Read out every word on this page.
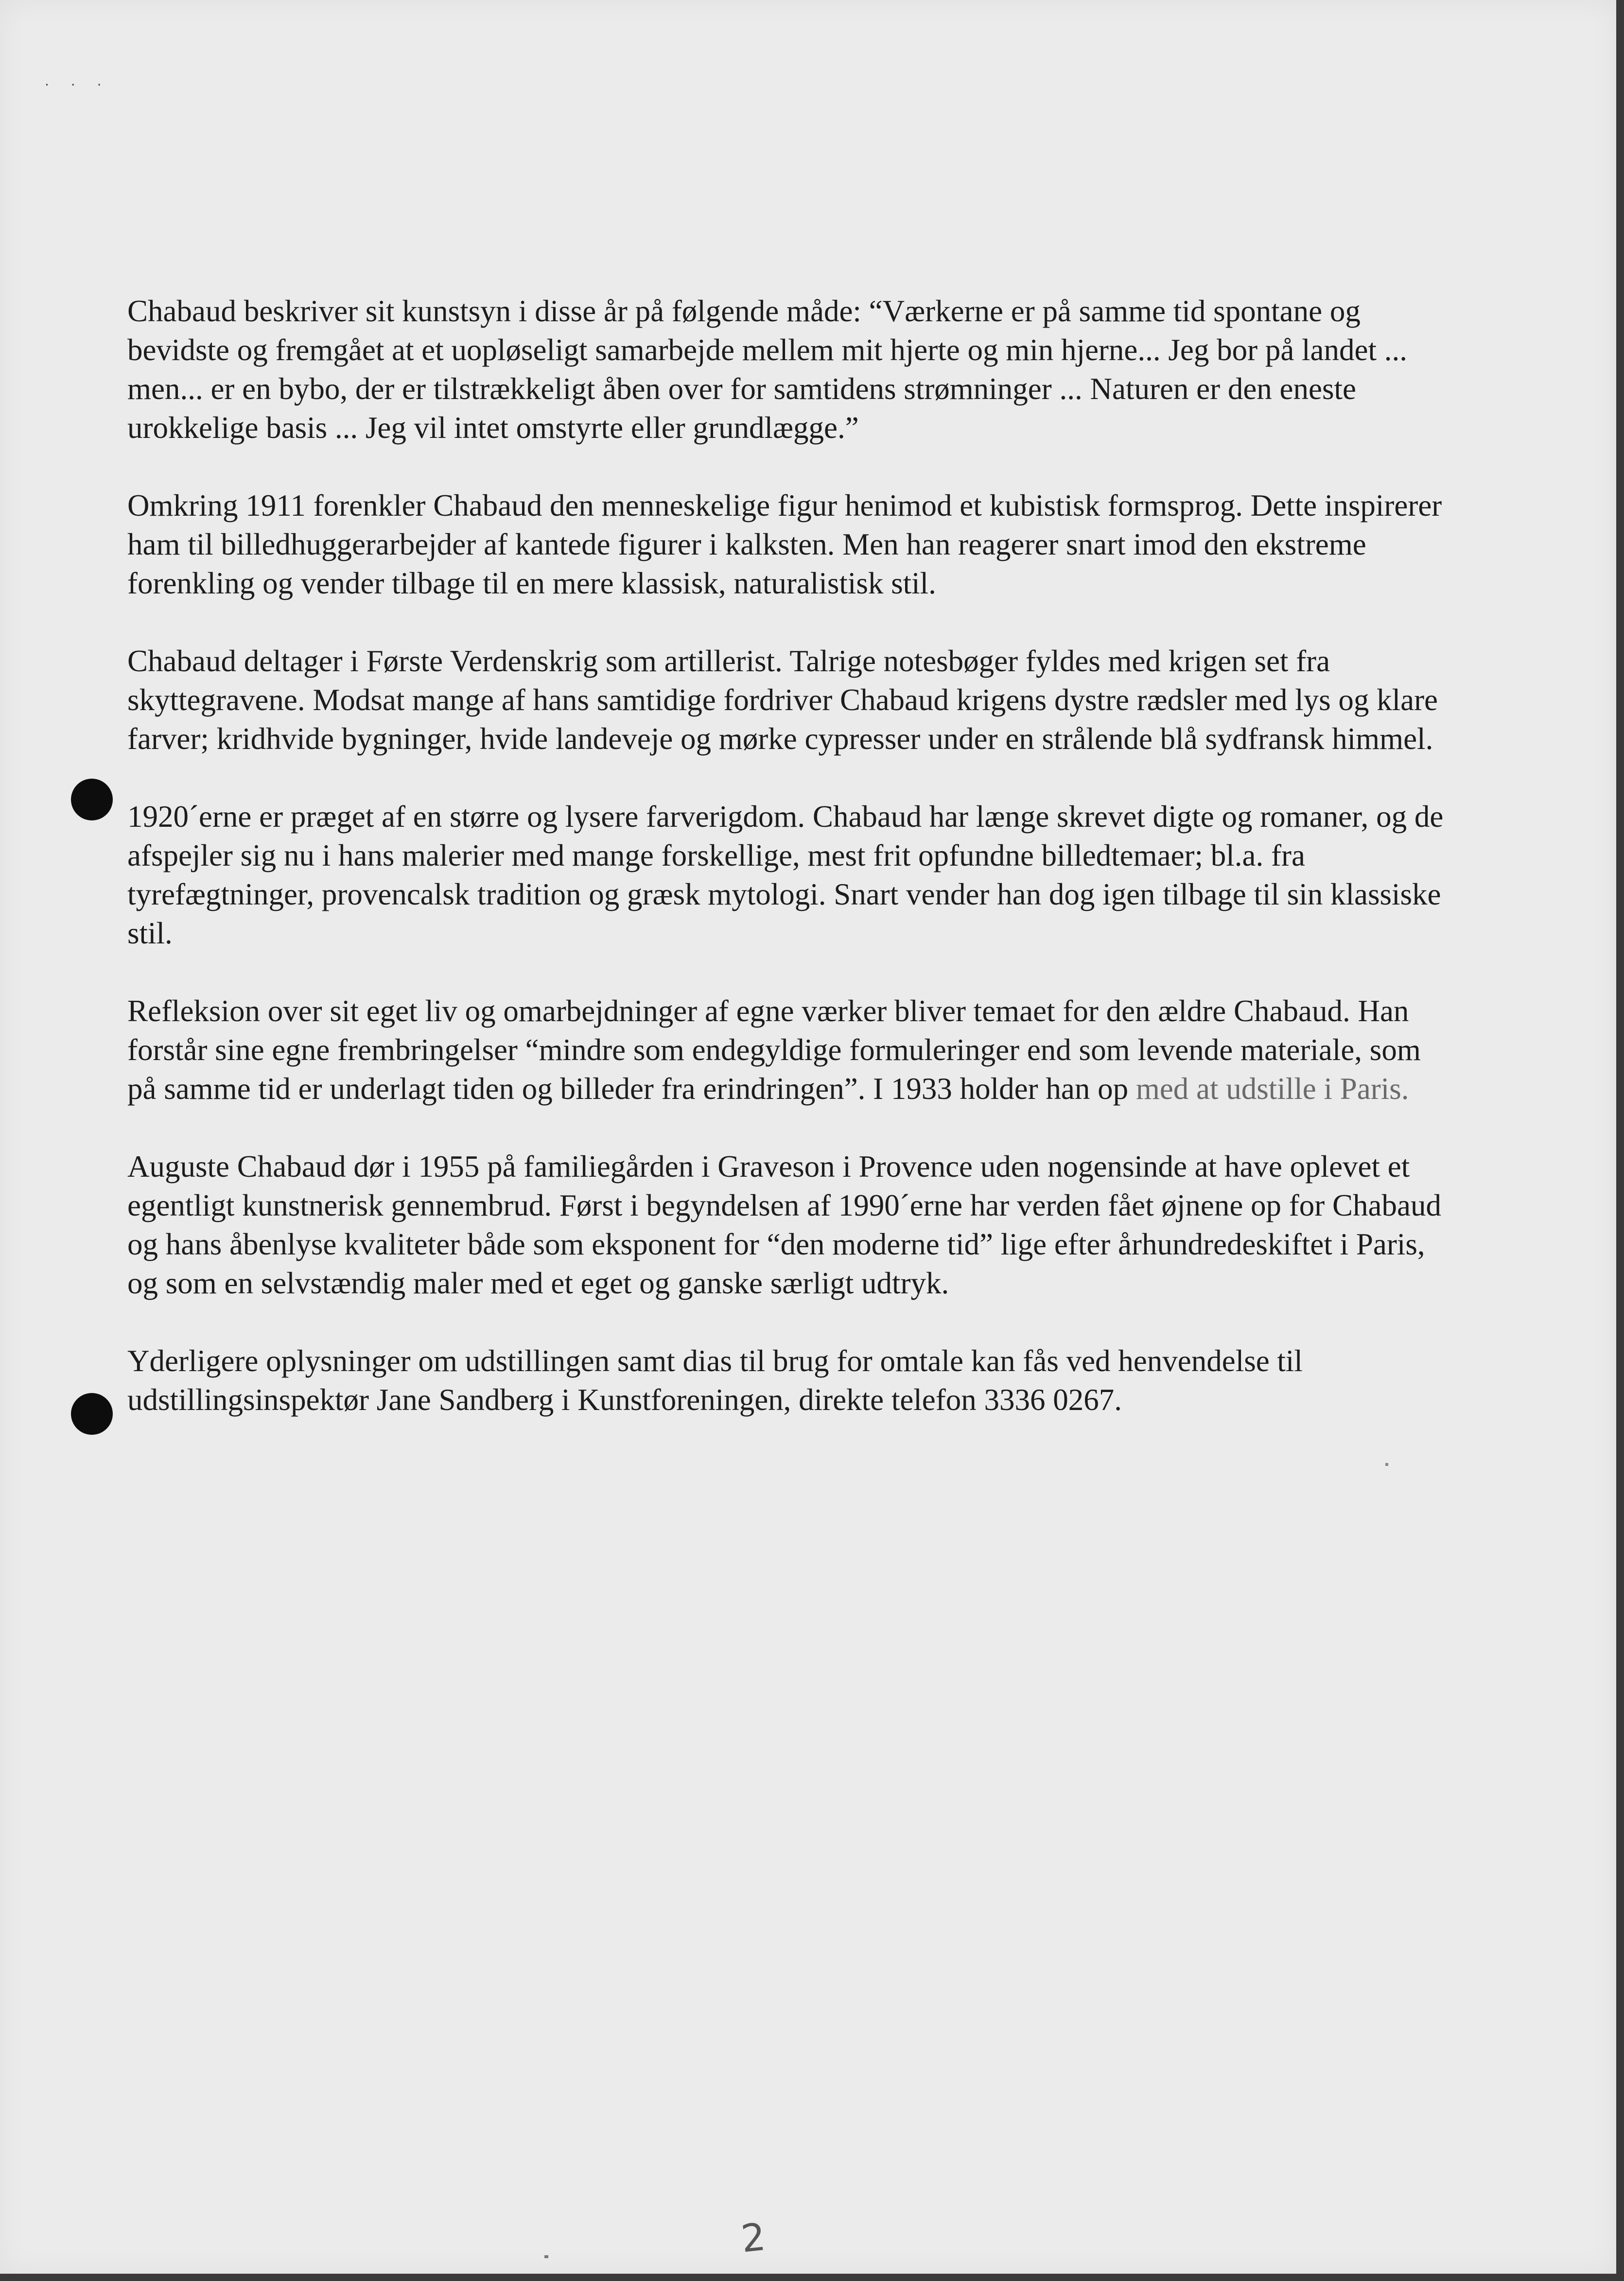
· · ·

Chabaud beskriver sit kunstsyn i disse år på følgende måde: “Værkerne er på samme tid spontane og bevidste og fremgået at et uopløseligt samarbejde mellem mit hjerte og min hjerne... Jeg bor på landet ... men... er en bybo, der er tilstrækkeligt åben over for samtidens strømninger ... Naturen er den eneste urokkelige basis ... Jeg vil intet omstyrte eller grundlægge.”

Omkring 1911 forenkler Chabaud den menneskelige figur henimod et kubistisk formsprog. Dette inspirerer ham til billedhuggerarbejder af kantede figurer i kalksten. Men han reagerer snart imod den ekstreme forenkling og vender tilbage til en mere klassisk, naturalistisk stil.

Chabaud deltager i Første Verdenskrig som artillerist. Talrige notesbøger fyldes med krigen set fra skyttegravene. Modsat mange af hans samtidige fordriver Chabaud krigens dystre rædsler med lys og klare farver; kridhvide bygninger, hvide landeveje og mørke cypresser under en strålende blå sydfransk himmel.

1920´erne er præget af en større og lysere farverigdom. Chabaud har længe skrevet digte og romaner, og de afspejler sig nu i hans malerier med mange forskellige, mest frit opfundne billedtemaer; bl.a. fra tyrefægtninger, provencalsk tradition og græsk mytologi. Snart vender han dog igen tilbage til sin klassiske stil.

Refleksion over sit eget liv og omarbejdninger af egne værker bliver temaet for den ældre Chabaud. Han forstår sine egne frembringelser “mindre som endegyldige formuleringer end som levende materiale, som på samme tid er underlagt tiden og billeder fra erindringen”. I 1933 holder han op med at udstille i Paris.

Auguste Chabaud dør i 1955 på familiegården i Graveson i Provence uden nogensinde at have oplevet et egentligt kunstnerisk gennembrud. Først i begyndelsen af 1990´erne har verden fået øjnene op for Chabaud og hans åbenlyse kvaliteter både som eksponent for “den moderne tid” lige efter århundredeskiftet i Paris, og som en selvstændig maler med et eget og ganske særligt udtryk.

Yderligere oplysninger om udstillingen samt dias til brug for omtale kan fås ved henvendelse til udstillingsinspektør Jane Sandberg i Kunstforeningen, direkte telefon 3336 0267.

2
